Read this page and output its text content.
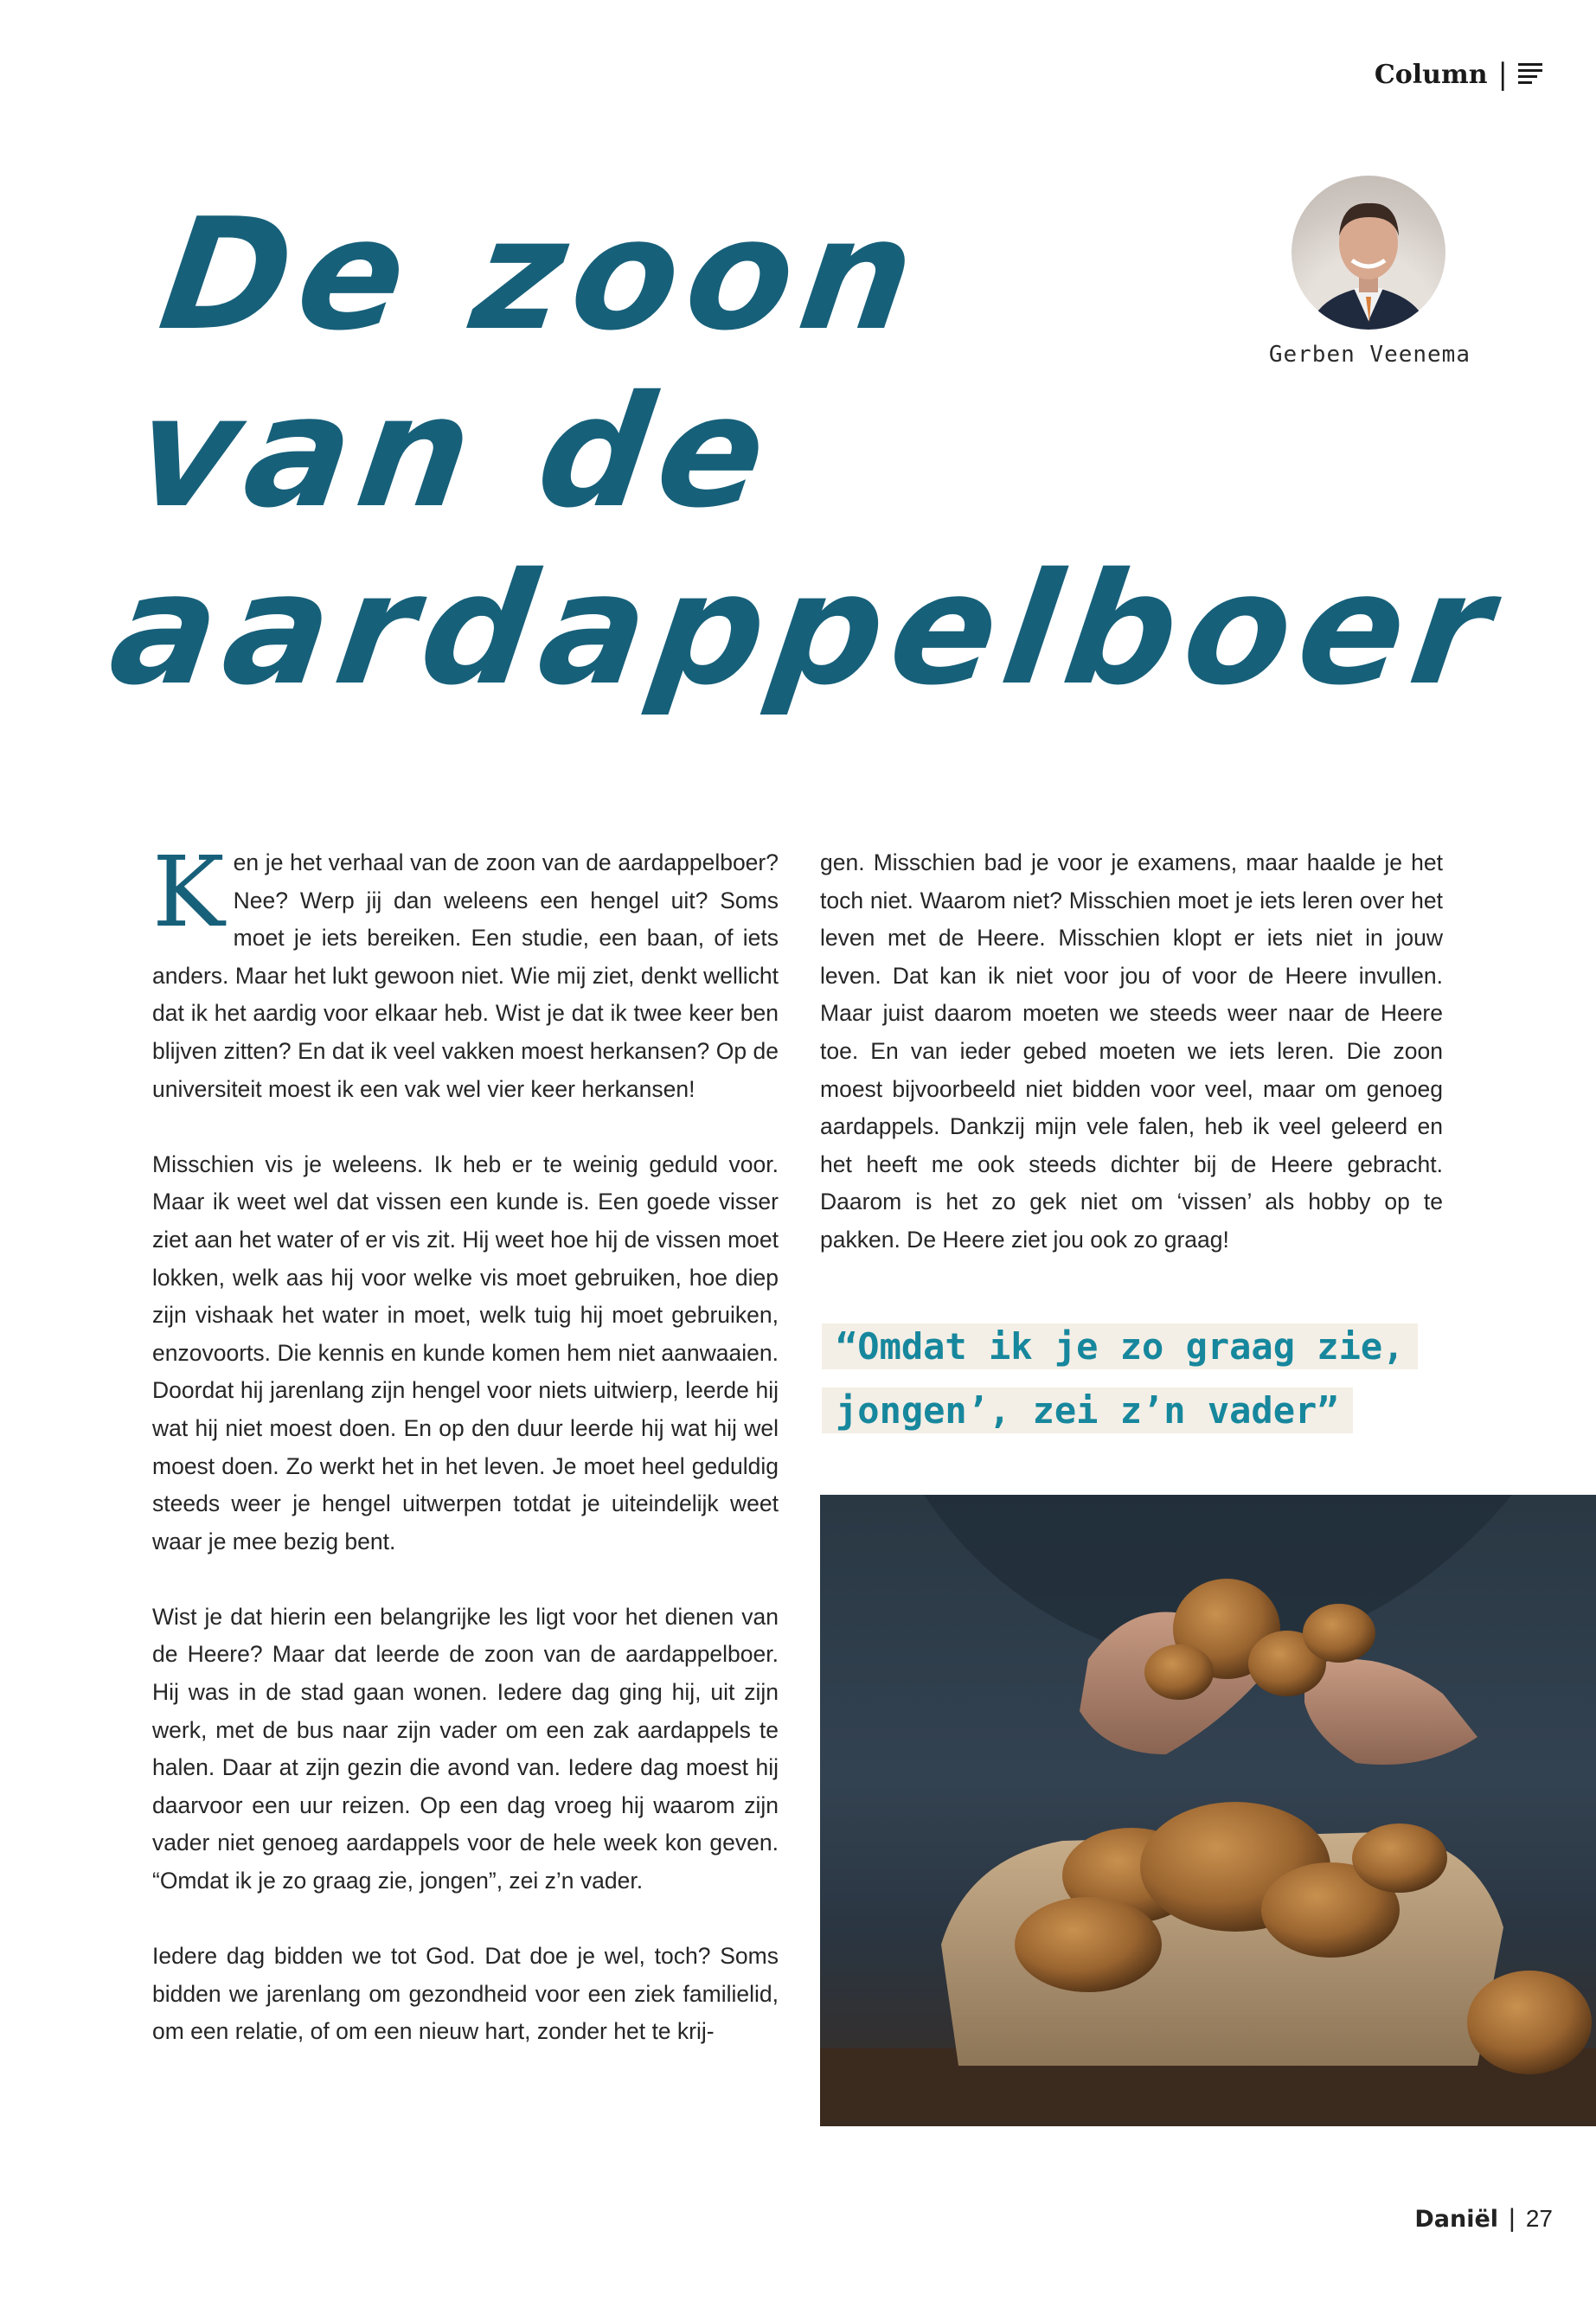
Column |
De zoon
van de
aardappelboer
Gerben Veenema

Ken je het verhaal van de zoon van de aardappelboer? Nee? Werp jij dan weleens een hengel uit? Soms moet je iets bereiken. Een studie, een baan, of iets anders. Maar het lukt gewoon niet. Wie mij ziet, denkt wellicht dat ik het aardig voor elkaar heb. Wist je dat ik twee keer ben blijven zitten? En dat ik veel vakken moest herkansen? Op de universiteit moest ik een vak wel vier keer herkansen!

Misschien vis je weleens. Ik heb er te weinig geduld voor. Maar ik weet wel dat vissen een kunde is. Een goede visser ziet aan het water of er vis zit. Hij weet hoe hij de vissen moet lokken, welk aas hij voor welke vis moet gebruiken, hoe diep zijn vishaak het water in moet, welk tuig hij moet gebruiken, enzovoorts. Die kennis en kunde komen hem niet aanwaaien. Doordat hij jarenlang zijn hengel voor niets uitwierp, leerde hij wat hij niet moest doen. En op den duur leerde hij wat hij wel moest doen. Zo werkt het in het leven. Je moet heel geduldig steeds weer je hengel uitwerpen totdat je uiteindelijk weet waar je mee bezig bent.

Wist je dat hierin een belangrijke les ligt voor het dienen van de Heere? Maar dat leerde de zoon van de aardappelboer. Hij was in de stad gaan wonen. Iedere dag ging hij, uit zijn werk, met de bus naar zijn vader om een zak aardappels te halen. Daar at zijn gezin die avond van. Iedere dag moest hij daarvoor een uur reizen. Op een dag vroeg hij waarom zijn vader niet genoeg aardappels voor de hele week kon geven. “Omdat ik je zo graag zie, jongen”, zei z’n vader.

Iedere dag bidden we tot God. Dat doe je wel, toch? Soms bidden we jarenlang om gezondheid voor een ziek familielid, om een relatie, of om een nieuw hart, zonder het te krij-

gen. Misschien bad je voor je examens, maar haalde je het toch niet. Waarom niet? Misschien moet je iets leren over het leven met de Heere. Misschien klopt er iets niet in jouw leven. Dat kan ik niet voor jou of voor de Heere invullen. Maar juist daarom moeten we steeds weer naar de Heere toe. En van ieder gebed moeten we iets leren. Die zoon moest bijvoorbeeld niet bidden voor veel, maar om genoeg aardappels. Dankzij mijn vele falen, heb ik veel geleerd en het heeft me ook steeds dichter bij de Heere gebracht. Daarom is het zo gek niet om ‘vissen’ als hobby op te pakken. De Heere ziet jou ook zo graag!

“Omdat ik je zo graag zie,
jongen’, zei z’n vader”
Daniël | 27
